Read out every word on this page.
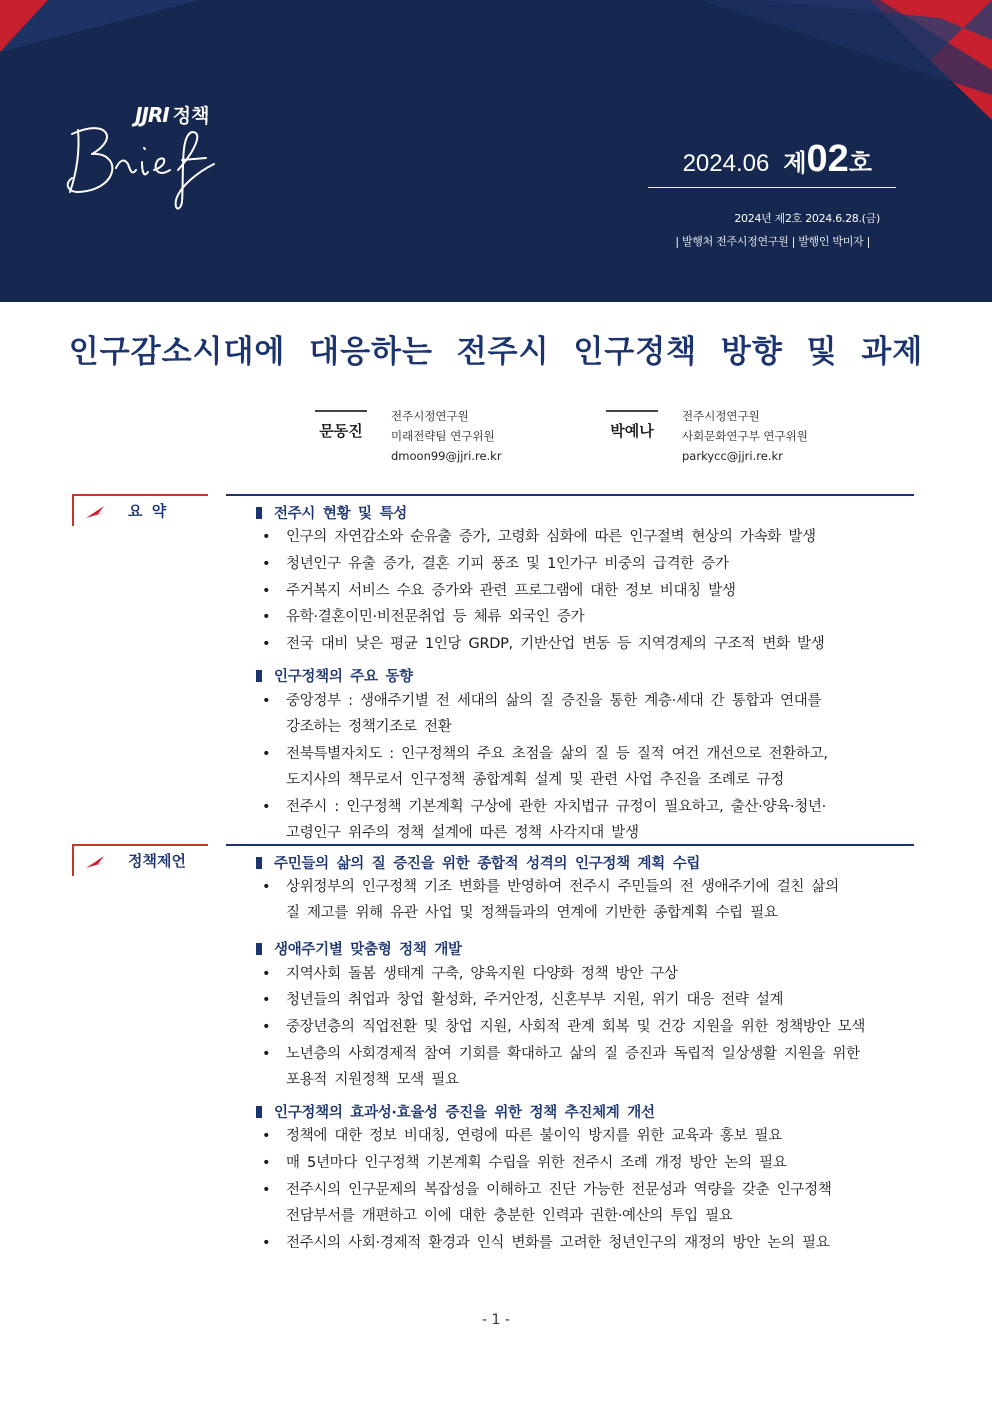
JJRI 정책
Brief
2024.06 제02호
2024년 제2호 2024.6.28.(금)
| 발행처 전주시정연구원 | 발행인 박미자 |
인구감소시대에 대응하는 전주시 인구정책 방향 및 과제
문동진
전주시정연구원
미래전략팀 연구위원
dmoon99@jjri.re.kr
박예나
전주시정연구원
사회문화연구부 연구위원
parkycc@jjri.re.kr
요 약	전주시 현황 및 특성
• 인구의 자연감소와 순유출 증가, 고령화 심화에 따른 인구절벽 현상의 가속화 발생
• 청년인구 유출 증가, 결혼 기피 풍조 및 1인가구 비중의 급격한 증가
• 주거복지 서비스 수요 증가와 관련 프로그램에 대한 정보 비대칭 발생
• 유학·결혼이민·비전문취업 등 체류 외국인 증가
• 전국 대비 낮은 평균 1인당 GRDP, 기반산업 변동 등 지역경제의 구조적 변화 발생
인구정책의 주요 동향
• 중앙정부 : 생애주기별 전 세대의 삶의 질 증진을 통한 계층·세대 간 통합과 연대를
강조하는 정책기조로 전환
• 전북특별자치도 : 인구정책의 주요 초점을 삶의 질 등 질적 여건 개선으로 전환하고,
도지사의 책무로서 인구정책 종합계획 설계 및 관련 사업 추진을 조례로 규정
• 전주시 : 인구정책 기본계획 구상에 관한 자치법규 규정이 필요하고, 출산·양육·청년·
고령인구 위주의 정책 설계에 따른 정책 사각지대 발생
정책제언	주민들의 삶의 질 증진을 위한 종합적 성격의 인구정책 계획 수립
• 상위정부의 인구정책 기조 변화를 반영하여 전주시 주민들의 전 생애주기에 걸친 삶의
질 제고를 위해 유관 사업 및 정책들과의 연계에 기반한 종합계획 수립 필요
생애주기별 맞춤형 정책 개발
• 지역사회 돌봄 생태계 구축, 양육지원 다양화 정책 방안 구상
• 청년들의 취업과 창업 활성화, 주거안정, 신혼부부 지원, 위기 대응 전략 설계
• 중장년층의 직업전환 및 창업 지원, 사회적 관계 회복 및 건강 지원을 위한 정책방안 모색
• 노년층의 사회경제적 참여 기회를 확대하고 삶의 질 증진과 독립적 일상생활 지원을 위한
포용적 지원정책 모색 필요
인구정책의 효과성·효율성 증진을 위한 정책 추진체계 개선
• 정책에 대한 정보 비대칭, 연령에 따른 불이익 방지를 위한 교육과 홍보 필요
• 매 5년마다 인구정책 기본계획 수립을 위한 전주시 조례 개정 방안 논의 필요
• 전주시의 인구문제의 복잡성을 이해하고 진단 가능한 전문성과 역량을 갖춘 인구정책
전담부서를 개편하고 이에 대한 충분한 인력과 권한·예산의 투입 필요
• 전주시의 사회·경제적 환경과 인식 변화를 고려한 청년인구의 재정의 방안 논의 필요
- 1 -
